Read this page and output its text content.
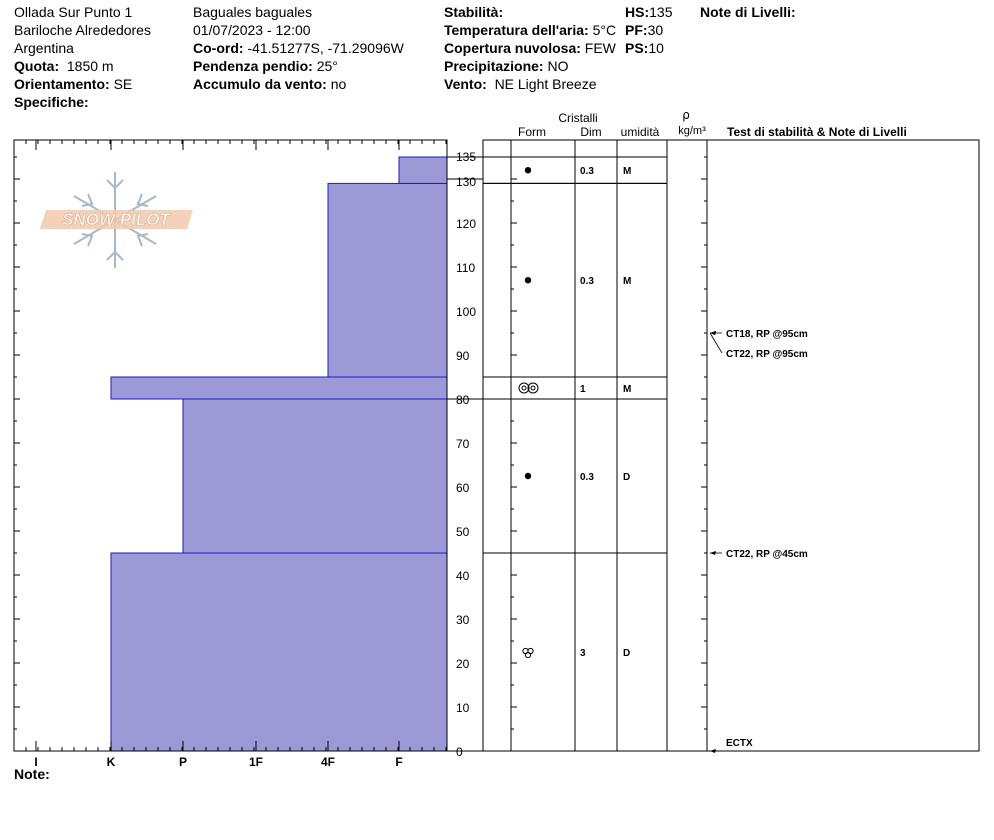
Ollada Sur Punto 1
Bariloche Alrededores
Argentina
Quota: 1850 m
Orientamento: SE
Specifiche:
Baguales baguales
01/07/2023 - 12:00
Co-ord: -41.51277S, -71.29096W
Pendenza pendio: 25°
Accumulo da vento: no
Stabilità:
Temperatura dell'aria: 5°C
Copertura nuvolosa: FEW
Precipitazione: NO
Vento: NE Light Breeze
HS:135
PF:30
PS:10
Note di Livelli:
SNOW PILOT
I	K	P	1F	4F	F
0
10
20
30
40
50
60
70
80
90
100
110
120
130
135
Cristalli
Form	Dim umidità
ρ
kg/m³ Test di stabilità & Note di Livelli
3	D
0.3	D
1	M
0.3	M
0.3	M
ECTX
CT22, RP @45cm
CT18, RP @95cm
CT22, RP @95cm
Note:
